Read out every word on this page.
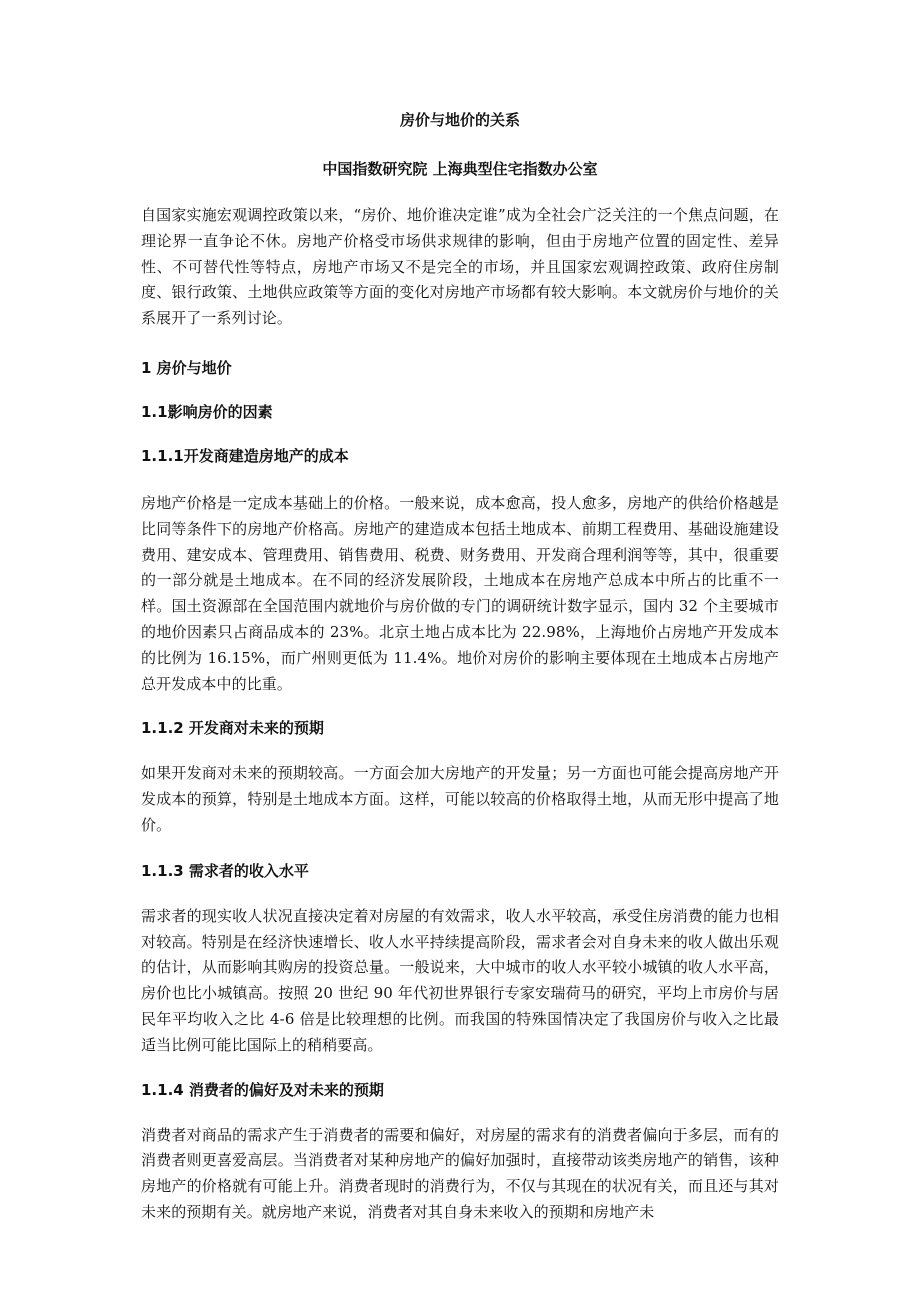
房价与地价的关系

中国指数研究院 上海典型住宅指数办公室

自国家实施宏观调控政策以来，“房价、地价谁决定谁”成为全社会广泛关注的一个焦点问题，在理论界一直争论不休。房地产价格受市场供求规律的影响，但由于房地产位置的固定性、差异性、不可替代性等特点，房地产市场又不是完全的市场，并且国家宏观调控政策、政府住房制度、银行政策、土地供应政策等方面的变化对房地产市场都有较大影响。本文就房价与地价的关系展开了一系列讨论。

1 房价与地价

1.1影响房价的因素

1.1.1开发商建造房地产的成本

房地产价格是一定成本基础上的价格。一般来说，成本愈高，投人愈多，房地产的供给价格越是比同等条件下的房地产价格高。房地产的建造成本包括土地成本、前期工程费用、基础设施建设费用、建安成本、管理费用、销售费用、税费、财务费用、开发商合理利润等等，其中，很重要的一部分就是土地成本。在不同的经济发展阶段，土地成本在房地产总成本中所占的比重不一样。国土资源部在全国范围内就地价与房价做的专门的调研统计数字显示，国内 32 个主要城市的地价因素只占商品成本的 23%。北京土地占成本比为 22.98%，上海地价占房地产开发成本的比例为 16.15%，而广州则更低为 11.4%。地价对房价的影响主要体现在土地成本占房地产总开发成本中的比重。

1.1.2 开发商对未来的预期

如果开发商对未来的预期较高。一方面会加大房地产的开发量；另一方面也可能会提高房地产开发成本的预算，特别是土地成本方面。这样，可能以较高的价格取得土地，从而无形中提高了地价。

1.1.3 需求者的收入水平

需求者的现实收人状况直接决定着对房屋的有效需求，收人水平较高，承受住房消费的能力也相对较高。特别是在经济快速增长、收人水平持续提高阶段，需求者会对自身未来的收人做出乐观的估计，从而影响其购房的投资总量。一般说来，大中城市的收人水平较小城镇的收人水平高，房价也比小城镇高。按照 20 世纪 90 年代初世界银行专家安瑞荷马的研究，平均上市房价与居民年平均收入之比 4-6 倍是比较理想的比例。而我国的特殊国情决定了我国房价与收入之比最适当比例可能比国际上的稍稍要高。

1.1.4 消费者的偏好及对未来的预期

消费者对商品的需求产生于消费者的需要和偏好，对房屋的需求有的消费者偏向于多层，而有的消费者则更喜爱高层。当消费者对某种房地产的偏好加强时，直接带动该类房地产的销售，该种房地产的价格就有可能上升。消费者现时的消费行为，不仅与其现在的状况有关，而且还与其对未来的预期有关。就房地产来说，消费者对其自身未来收入的预期和房地产未
